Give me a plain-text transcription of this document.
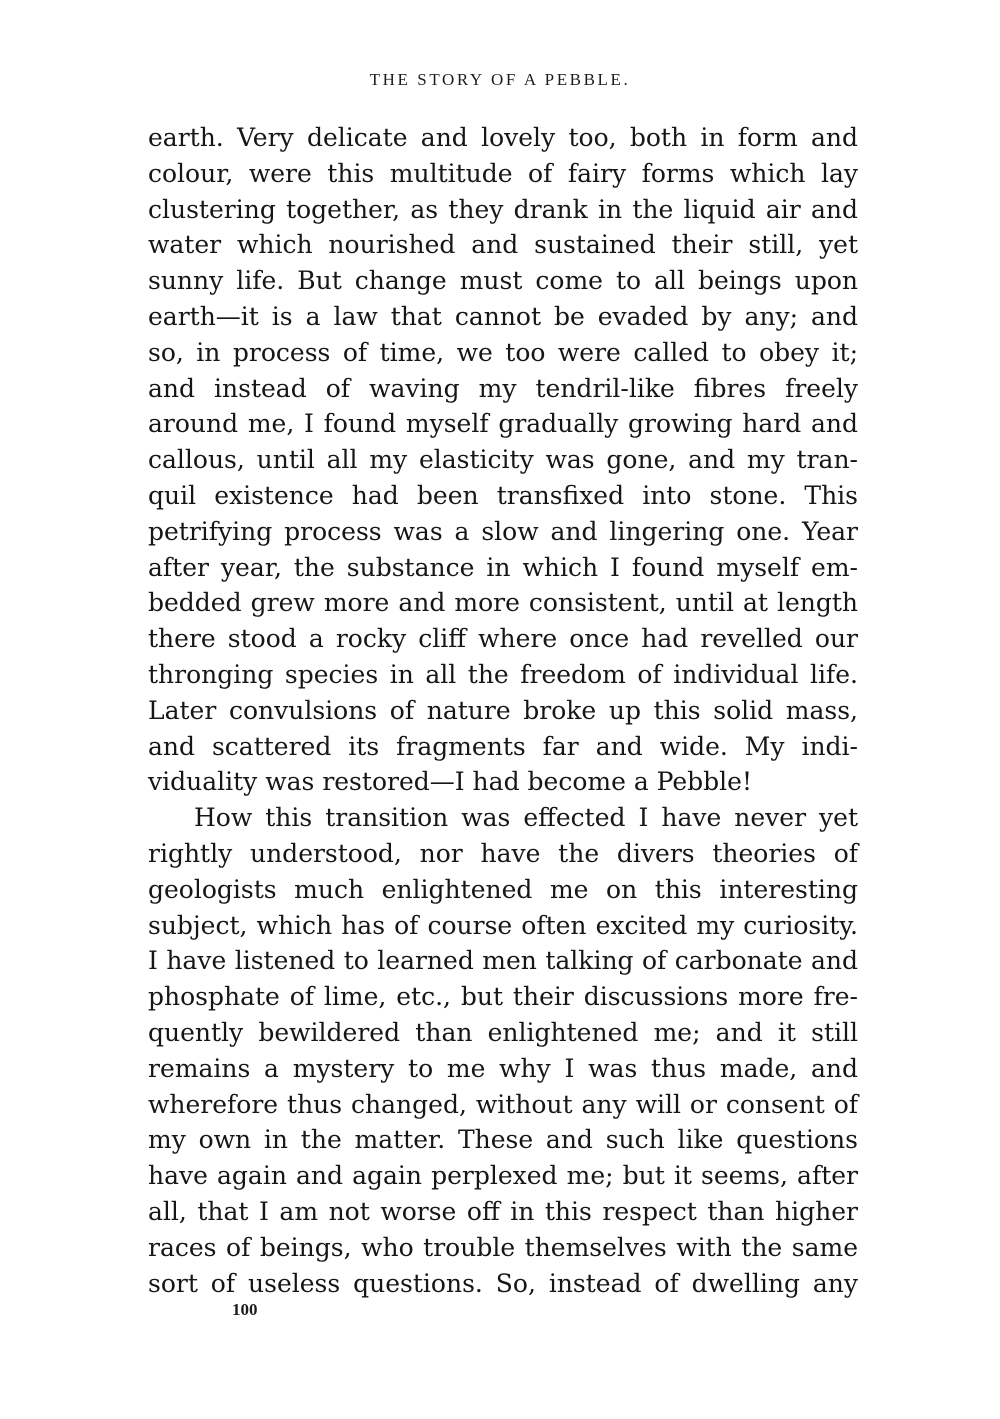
THE STORY OF A PEBBLE.
earth. Very delicate and lovely too, both in form and
colour, were this multitude of fairy forms which lay
clustering together, as they drank in the liquid air and
water which nourished and sustained their still, yet
sunny life. But change must come to all beings upon
earth—it is a law that cannot be evaded by any; and
so, in process of time, we too were called to obey it;
and instead of waving my tendril-like fibres freely
around me, I found myself gradually growing hard and
callous, until all my elasticity was gone, and my tran-
quil existence had been transfixed into stone. This
petrifying process was a slow and lingering one. Year
after year, the substance in which I found myself em-
bedded grew more and more consistent, until at length
there stood a rocky cliff where once had revelled our
thronging species in all the freedom of individual life.
Later convulsions of nature broke up this solid mass,
and scattered its fragments far and wide. My indi-
viduality was restored—I had become a Pebble!
How this transition was effected I have never yet
rightly understood, nor have the divers theories of
geologists much enlightened me on this interesting
subject, which has of course often excited my curiosity.
I have listened to learned men talking of carbonate and
phosphate of lime, etc., but their discussions more fre-
quently bewildered than enlightened me; and it still
remains a mystery to me why I was thus made, and
wherefore thus changed, without any will or consent of
my own in the matter. These and such like questions
have again and again perplexed me; but it seems, after
all, that I am not worse off in this respect than higher
races of beings, who trouble themselves with the same
sort of useless questions. So, instead of dwelling any
100
